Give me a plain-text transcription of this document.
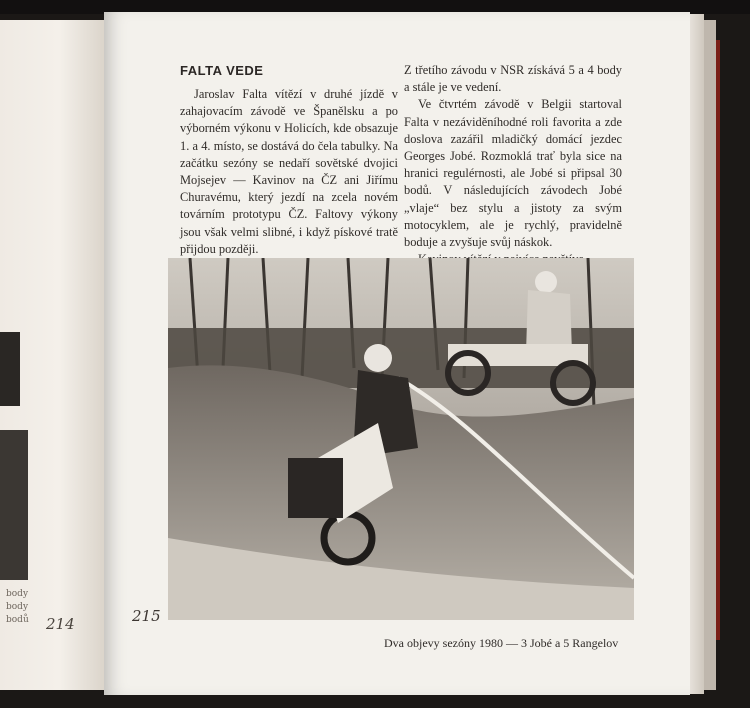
body
body
bodů	214
FALTA VEDE

Jaroslav Falta vítězí v druhé jízdě v zahajovacím závodě ve Španělsku a po výborném výkonu v Holicích, kde obsazuje 1. a 4. místo, se dostává do čela tabulky. Na začátku sezóny se nedaří sovětské dvojici Mojsejev — Kavinov na ČZ ani Jiřímu Churavému, který jezdí na zcela novém továrním prototypu ČZ. Faltovy výkony jsou však velmi slibné, i když pískové tratě přijdou později.

Z třetího závodu v NSR získává 5 a 4 body a stále je ve vedení.

Ve čtvrtém závodě v Belgii startoval Falta v nezáviděníhodné roli favorita a zde doslova zazářil mladičký domácí jezdec Georges Jobé. Rozmoklá trať byla sice na hranici regulérnosti, ale Jobé si připsal 30 bodů. V následujících závodech Jobé „vlaje“ bez stylu a jistoty za svým motocyklem, ale je rychlý, pravidelně boduje a zvyšuje svůj náskok.

215
Dva objevy sezóny 1980 — 3 Jobé a 5 Rangelov
